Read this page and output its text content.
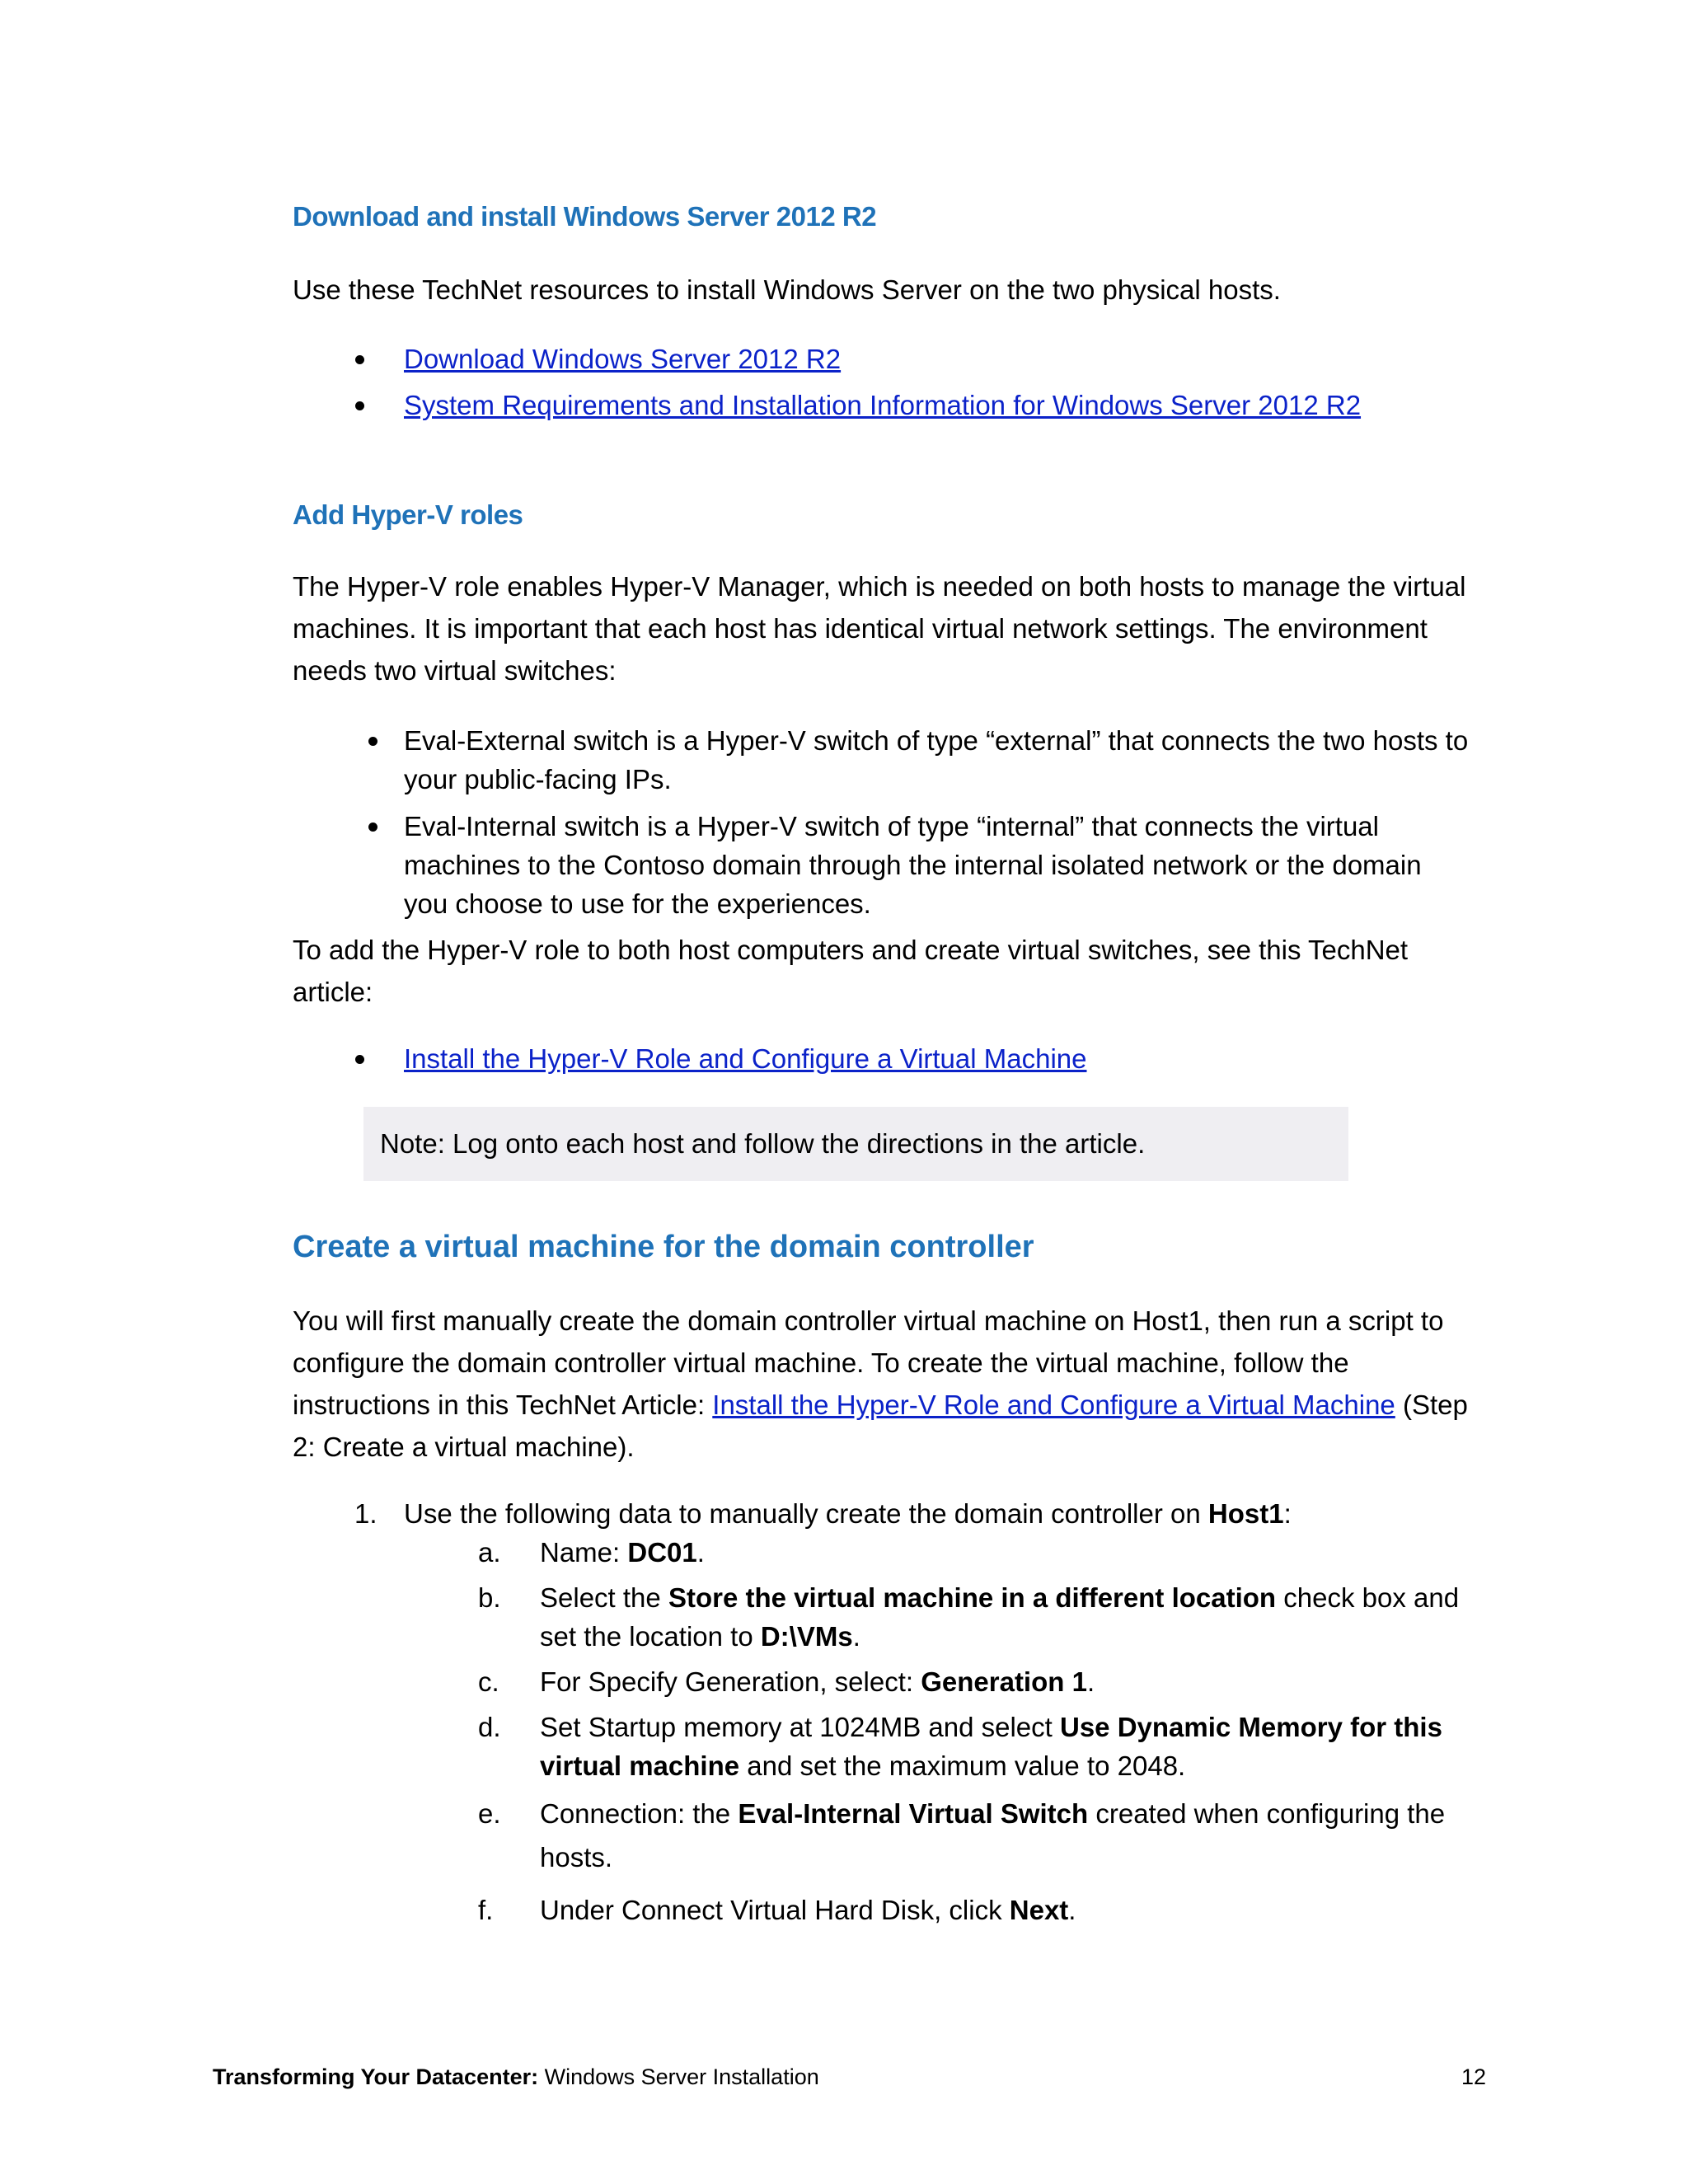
Download and install Windows Server 2012 R2

Use these TechNet resources to install Windows Server on the two physical hosts.

Download Windows Server 2012 R2
System Requirements and Installation Information for Windows Server 2012 R2
Add Hyper-V roles

The Hyper-V role enables Hyper-V Manager, which is needed on both hosts to manage the virtual machines. It is important that each host has identical virtual network settings. The environment needs two virtual switches:

Eval-External switch is a Hyper-V switch of type “external” that connects the two hosts to your public-facing IPs.
Eval-Internal switch is a Hyper-V switch of type “internal” that connects the virtual machines to the Contoso domain through the internal isolated network or the domain you choose to use for the experiences.

To add the Hyper-V role to both host computers and create virtual switches, see this TechNet article:

Install the Hyper-V Role and Configure a Virtual Machine
Note: Log onto each host and follow the directions in the article.
Create a virtual machine for the domain controller

You will first manually create the domain controller virtual machine on Host1, then run a script to configure the domain controller virtual machine. To create the virtual machine, follow the instructions in this TechNet Article: Install the Hyper-V Role and Configure a Virtual Machine (Step 2: Create a virtual machine).

1. Use the following data to manually create the domain controller on Host1:
a. Name: DC01.
b. Select the Store the virtual machine in a different location check box and set the location to D:\VMs.
c. For Specify Generation, select: Generation 1.
d. Set Startup memory at 1024MB and select Use Dynamic Memory for this virtual machine and set the maximum value to 2048.
e. Connection: the Eval-Internal Virtual Switch created when configuring the hosts.
f. Under Connect Virtual Hard Disk, click Next.
Transforming Your Datacenter: Windows Server Installation	12
